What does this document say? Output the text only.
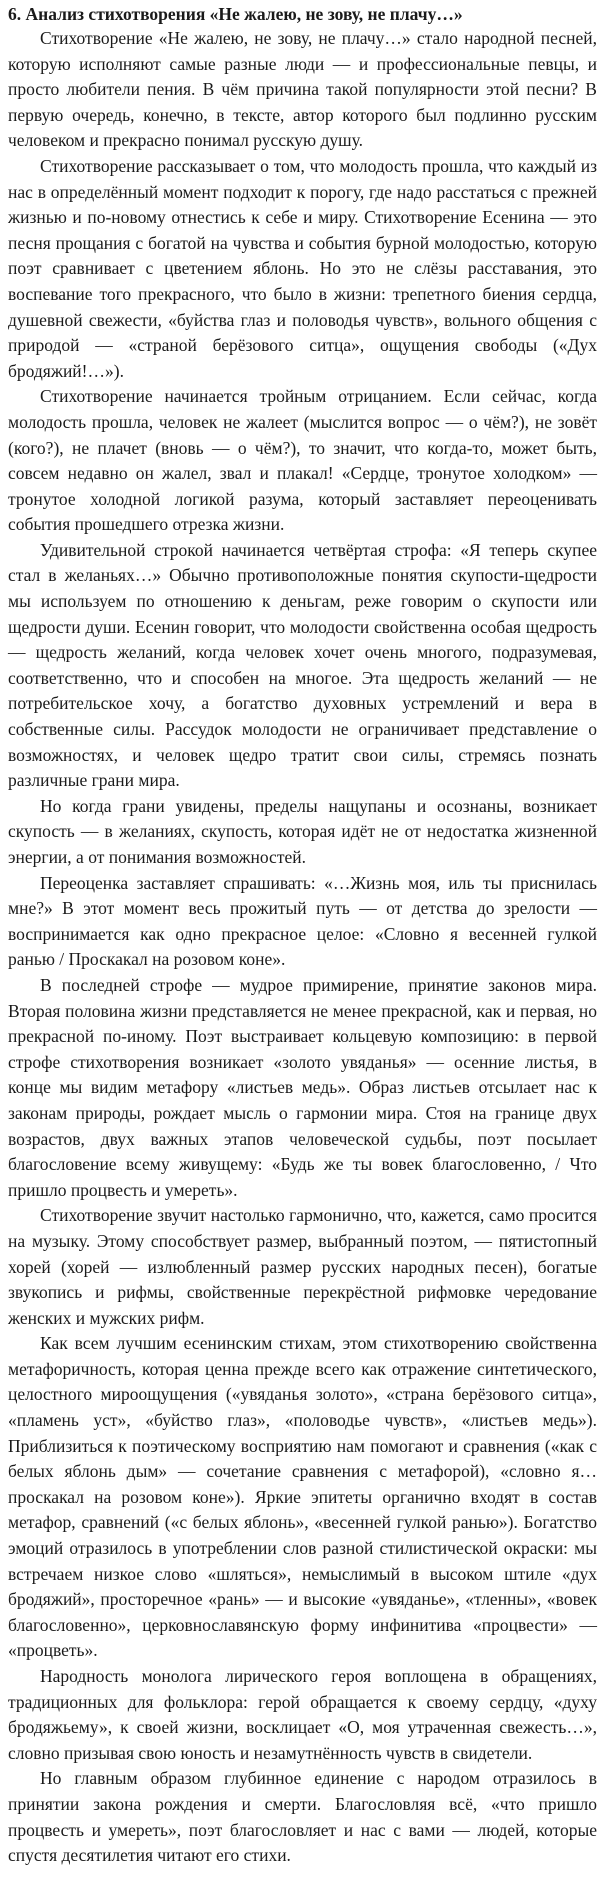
6. Анализ стихотворения «Не жалею, не зову, не плачу…»

Стихотворение «Не жалею, не зову, не плачу…» стало народной песней, которую исполняют самые разные люди — и профессиональные певцы, и просто любители пения. В чём причина такой популярности этой песни? В первую очередь, конечно, в тексте, автор которого был подлинно русским человеком и прекрасно понимал русскую душу.

Стихотворение рассказывает о том, что молодость прошла, что каждый из нас в определённый момент подходит к порогу, где надо расстаться с прежней жизнью и по-новому отнестись к себе и миру. Стихотворение Есенина — это песня прощания с богатой на чувства и события бурной молодостью, которую поэт сравнивает с цветением яблонь. Но это не слёзы расставания, это воспевание того прекрасного, что было в жизни: трепетного биения сердца, душевной свежести, «буйства глаз и половодья чувств», вольного общения с природой — «страной берёзового ситца», ощущения свободы («Дух бродяжий!…»).

Стихотворение начинается тройным отрицанием. Если сейчас, когда молодость прошла, человек не жалеет (мыслится вопрос — о чём?), не зовёт (кого?), не плачет (вновь — о чём?), то значит, что когда-то, может быть, совсем недавно он жалел, звал и плакал! «Сердце, тронутое холодком» — тронутое холодной логикой разума, который заставляет переоценивать события прошедшего отрезка жизни.

Удивительной строкой начинается четвёртая строфа: «Я теперь скупее стал в желаньях…» Обычно противоположные понятия скупости-щедрости мы используем по отношению к деньгам, реже говорим о скупости или щедрости души. Есенин говорит, что молодости свойственна особая щедрость — щедрость желаний, когда человек хочет очень многого, подразумевая, соответственно, что и способен на многое. Эта щедрость желаний — не потребительское хочу, а богатство духовных устремлений и вера в собственные силы. Рассудок молодости не ограничивает представление о возможностях, и человек щедро тратит свои силы, стремясь познать различные грани мира.

Но когда грани увидены, пределы нащупаны и осознаны, возникает скупость — в желаниях, скупость, которая идёт не от недостатка жизненной энергии, а от понимания возможностей.

Переоценка заставляет спрашивать: «…Жизнь моя, иль ты приснилась мне?» В этот момент весь прожитый путь — от детства до зрелости — воспринимается как одно прекрасное целое: «Словно я весенней гулкой ранью / Проскакал на розовом коне».

В последней строфе — мудрое примирение, принятие законов мира. Вторая половина жизни представляется не менее прекрасной, как и первая, но прекрасной по-иному. Поэт выстраивает кольцевую композицию: в первой строфе стихотворения возникает «золото увяданья» — осенние листья, в конце мы видим метафору «листьев медь». Образ листьев отсылает нас к законам природы, рождает мысль о гармонии мира. Стоя на границе двух возрастов, двух важных этапов человеческой судьбы, поэт посылает благословение всему живущему: «Будь же ты вовек благословенно, / Что пришло процвесть и умереть».

Стихотворение звучит настолько гармонично, что, кажется, само просится на музыку. Этому способствует размер, выбранный поэтом, — пятистопный хорей (хорей — излюбленный размер русских народных песен), богатые звукопись и рифмы, свойственные перекрёстной рифмовке чередование женских и мужских рифм.

Как всем лучшим есенинским стихам, этом стихотворению свойственна метафоричность, которая ценна прежде всего как отражение синтетического, целостного мироощущения («увяданья золото», «страна берёзового ситца», «пламень уст», «буйство глаз», «половодье чувств», «листьев медь»). Приблизиться к поэтическому восприятию нам помогают и сравнения («как с белых яблонь дым» — сочетание сравнения с метафорой), «словно я… проскакал на розовом коне»). Яркие эпитеты органично входят в состав метафор, сравнений («с белых яблонь», «весенней гулкой ранью»). Богатство эмоций отразилось в употреблении слов разной стилистической окраски: мы встречаем низкое слово «шляться», немыслимый в высоком штиле «дух бродяжий», просторечное «рань» — и высокие «увяданье», «тленны», «вовек благословенно», церковнославянскую форму инфинитива «процвести» — «процветь».

Народность монолога лирического героя воплощена в обращениях, традиционных для фольклора: герой обращается к своему сердцу, «духу бродяжьему», к своей жизни, восклицает «О, моя утраченная свежесть…», словно призывая свою юность и незамутнённость чувств в свидетели.

Но главным образом глубинное единение с народом отразилось в принятии закона рождения и смерти. Благословляя всё, «что пришло процвесть и умереть», поэт благословляет и нас с вами — людей, которые спустя десятилетия читают его стихи.
